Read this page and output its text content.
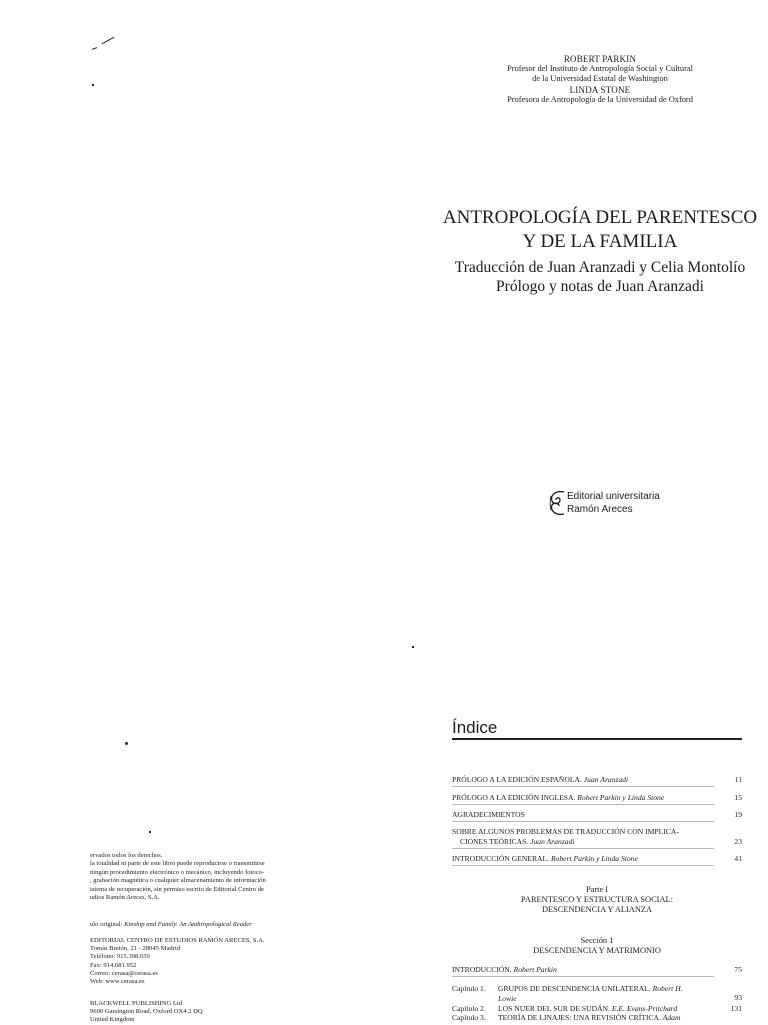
ROBERT PARKIN
Profesor del Instituto de Antropología Social y Cultural
de la Universidad Estatal de Washington
LINDA STONE
Profesora de Antropología de la Universidad de Oxford
ANTROPOLOGÍA DEL PARENTESCO
Y DE LA FAMILIA
Traducción de Juan Aranzadi y Celia Montolío
Prólogo y notas de Juan Aranzadi
Editorial universitaria
Ramón Areces
Índice
PRÓLOGO A LA EDICIÓN ESPAÑOLA. Juan Aranzadi	11
PRÓLOGO A LA EDICIÓN INGLESA. Robert Parkin y Linda Stone	15
AGRADECIMIENTOS	19
SOBRE ALGUNOS PROBLEMAS DE TRADUCCIÓN CON IMPLICA-
CIONES TEÓRICAS. Juan Aranzadi	23
INTRODUCCIÓN GENERAL. Robert Parkin y Linda Stone	41
Parte I
PARENTESCO Y ESTRUCTURA SOCIAL:
DESCENDENCIA Y ALIANZA
Sección 1
DESCENDENCIA Y MATRIMONIO
INTRODUCCIÓN. Robert Parkin	75
Capítulo 1. GRUPOS DE DESCENDENCIA UNILATERAL. Robert H.
Lowie	93
Capítulo 2. LOS NUER DEL SUR DE SUDÁN. E.E. Evans-Pritchard	131
Capítulo 3. TEORÍA DE LINAJES: UNA REVISIÓN CRÍTICA. Adam
ervados todos los derechos.
la totalidad ni parte de este libro puede reproducirse o transmitirse
ningún procedimiento electrónico o mecánico, incluyendo fotoco-
, grabación magnética o cualquier almacenamiento de información
istema de recuperación, sin permiso escrito de Editorial Centro de
udios Ramón Areces, S.A.
ulo original: Kinship and Family. An Anthropological Reader
EDITORIAL CENTRO DE ESTUDIOS RAMÓN ARECES, S.A.
Tomás Bretón, 21 - 28045 Madrid
Teléfono: 915.398.659
Fax: 914.681.952
Correo: cerasa@cerasa.es
Web: www.cerasa.es
BLACKWELL PUBLISHING Ltd
9600 Garsington Road, Oxford OX4 2 DQ
United Kingdom
